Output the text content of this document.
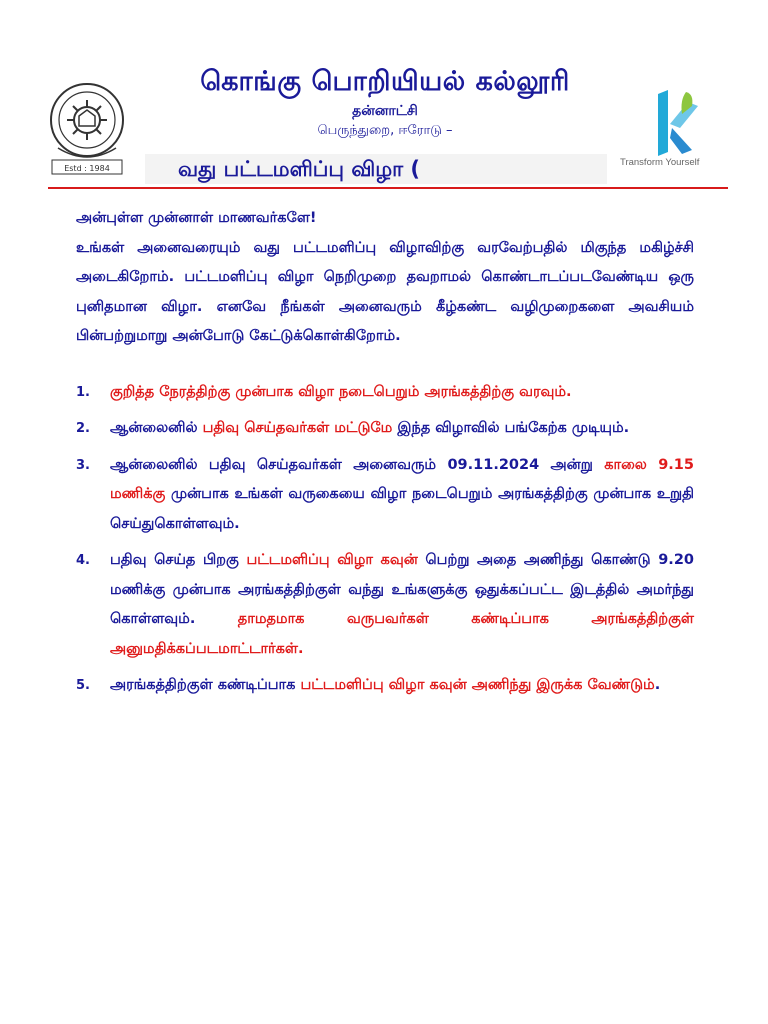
Estd : 1984
கொங்கு பொறியியல் கல்லூரி
தன்னாட்சி
பெருந்துறை, ஈரோடு –
வது பட்டமளிப்பு விழா (	Transform Yourself

அன்புள்ள முன்னாள் மாணவர்களே!

உங்கள் அனைவரையும் வது பட்டமளிப்பு விழாவிற்கு வரவேற்பதில் மிகுந்த மகிழ்ச்சி அடைகிறோம். பட்டமளிப்பு விழா நெறிமுறை தவறாமல் கொண்டாடப்படவேண்டிய ஒரு புனிதமான விழா. எனவே நீங்கள் அனைவரும் கீழ்கண்ட வழிமுறைகளை அவசியம் பின்பற்றுமாறு அன்போடு கேட்டுக்கொள்கிறோம்.

1. குறித்த நேரத்திற்கு முன்பாக விழா நடைபெறும் அரங்கத்திற்கு வரவும்.
2. ஆன்லைனில் பதிவு செய்தவர்கள் மட்டுமே இந்த விழாவில் பங்கேற்க முடியும்.
3. ஆன்லைனில் பதிவு செய்தவர்கள் அனைவரும் 09.11.2024 அன்று காலை 9.15 மணிக்கு முன்பாக உங்கள் வருகையை விழா நடைபெறும் அரங்கத்திற்கு முன்பாக உறுதி செய்துகொள்ளவும்.
4. பதிவு செய்த பிறகு பட்டமளிப்பு விழா கவுன் பெற்று அதை அணிந்து கொண்டு 9.20 மணிக்கு முன்பாக அரங்கத்திற்குள் வந்து உங்களுக்கு ஒதுக்கப்பட்ட இடத்தில் அமர்ந்து கொள்ளவும். தாமதமாக வருபவர்கள் கண்டிப்பாக அரங்கத்திற்குள் அனுமதிக்கப்படமாட்டார்கள்.
5. அரங்கத்திற்குள் கண்டிப்பாக பட்டமளிப்பு விழா கவுன் அணிந்து இருக்க வேண்டும்.
